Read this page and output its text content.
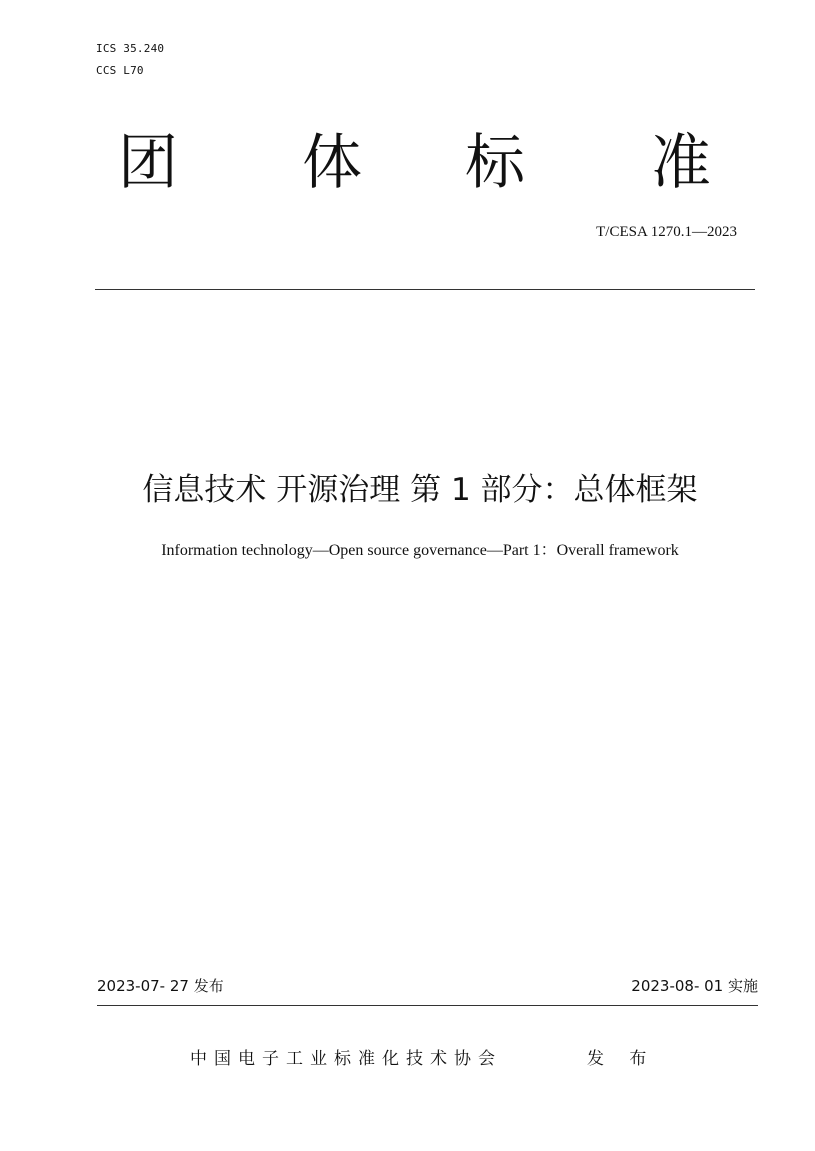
ICS 35.240
CCS L70
团 体 标 准
T/CESA 1270.1—2023
信息技术 开源治理 第 1 部分：总体框架
Information technology—Open source governance—Part 1：Overall framework
2023-07- 27 发布	2023-08- 01 实施
中国电子工业标准化技术协会	发 布
